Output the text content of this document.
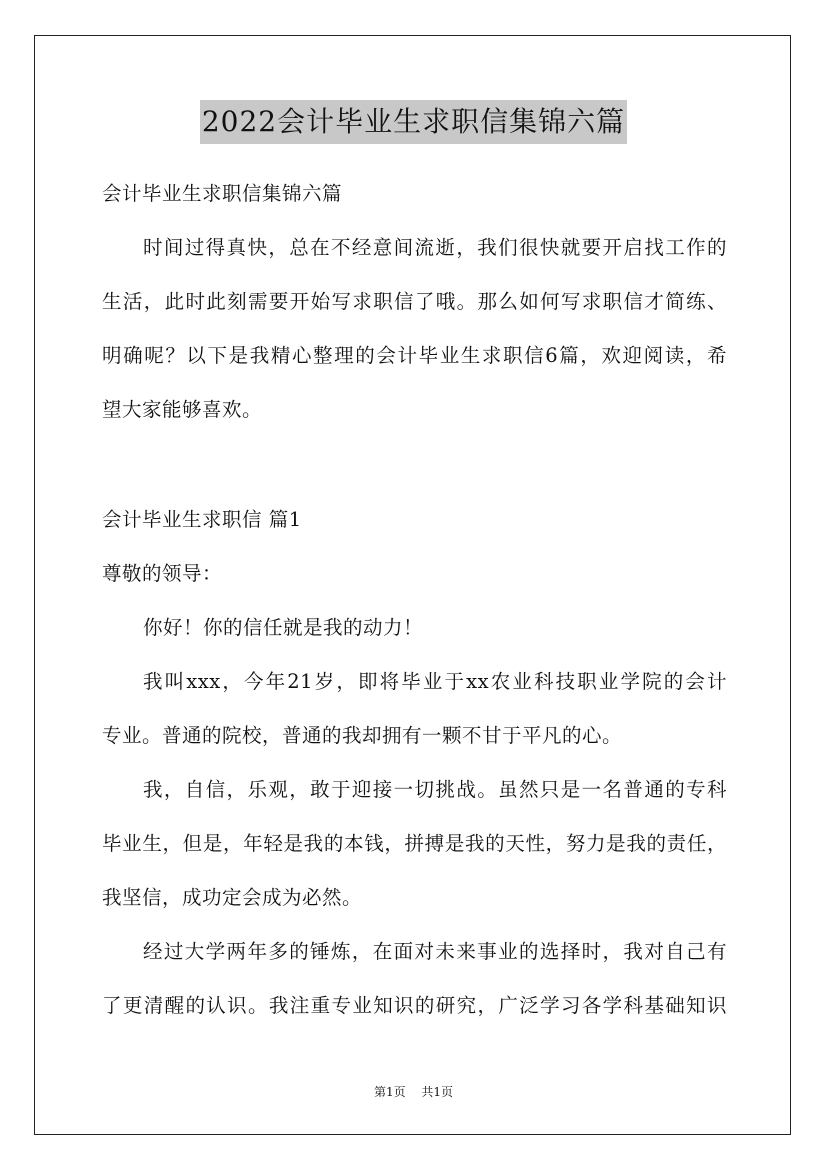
2022会计毕业生求职信集锦六篇
会计毕业生求职信集锦六篇
时间过得真快，总在不经意间流逝，我们很快就要开启找工作的
生活，此时此刻需要开始写求职信了哦。那么如何写求职信才简练、
明确呢？以下是我精心整理的会计毕业生求职信6篇，欢迎阅读，希
望大家能够喜欢。
会计毕业生求职信 篇1
尊敬的领导：
你好！你的信任就是我的动力！
我叫xxx，今年21岁，即将毕业于xx农业科技职业学院的会计
专业。普通的院校，普通的我却拥有一颗不甘于平凡的心。
我，自信，乐观，敢于迎接一切挑战。虽然只是一名普通的专科
毕业生，但是，年轻是我的本钱，拼搏是我的天性，努力是我的责任，
我坚信，成功定会成为必然。
经过大学两年多的锤炼，在面对未来事业的选择时，我对自己有
了更清醒的认识。我注重专业知识的研究，广泛学习各学科基础知识
第1页 共1页
